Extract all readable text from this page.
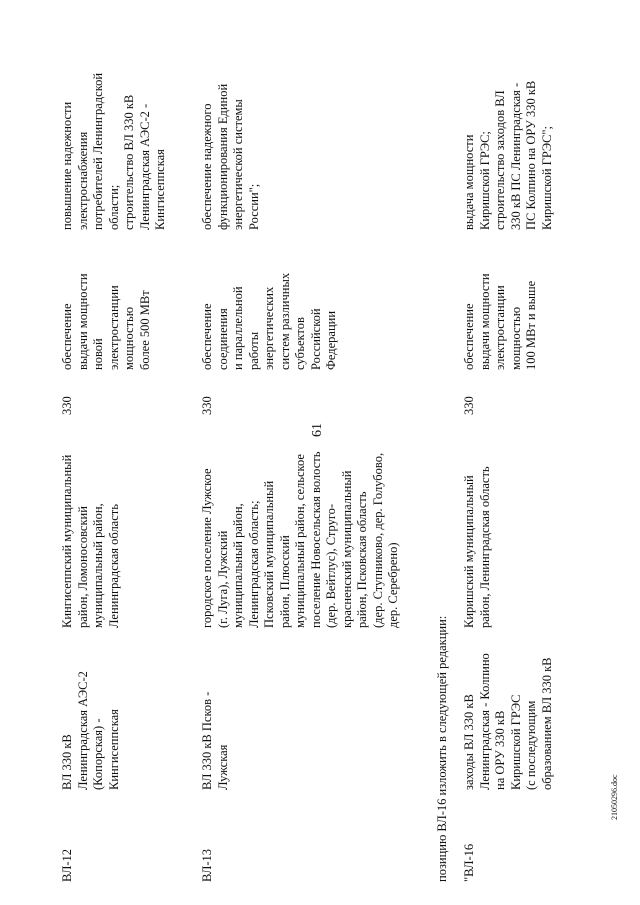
61
21050296.doc
ВЛ-12
ВЛ 330 кВ Ленинградская АЭС-2 (Копорская) - Кингисеппская
Кингисеппский муниципальный район, Ломоносовский муниципальный район, Ленинградская область
330
обеспечение выдачи мощности новой электростанции мощностью более 500 МВт
повышение надежности электроснабжения потребителей Ленинградской области; строительство ВЛ 330 кВ Ленинградская АЭС-2 - Кингисеппская
ВЛ-13
ВЛ 330 кВ Псков - Лужская
городское поселение Лужское (г. Луга), Лужский муниципальный район, Ленинградская область; Псковский муниципальный район, Плюсский муниципальный район, сельское поселение Новосельская волость (дер. Вейтлус), Струго- красненский муниципальный район, Псковская область (дер. Ступниково, дер. Голубово, дер. Серебрено)
330
обеспечение соединения и параллельной работы энергетических систем различных субъектов Российской Федерации
обеспечение надежного функционирования Единой энергетической системы России";
позицию ВЛ-16 изложить в следующей редакции: "ВЛ-16
заходы ВЛ 330 кВ Ленинградская - Колпино на ОРУ 330 кВ Киришской ГРЭС (с последующим образованием ВЛ 330 кВ
Киришский муниципальный район, Ленинградская область
330
обеспечение выдачи мощности электростанции мощностью 100 МВт и выше
выдача мощности Киришской ГРЭС; строительство заходов ВЛ 330 кВ ПС Ленинградская - ПС Колпино на ОРУ 330 кВ Киришской ГРЭС";
